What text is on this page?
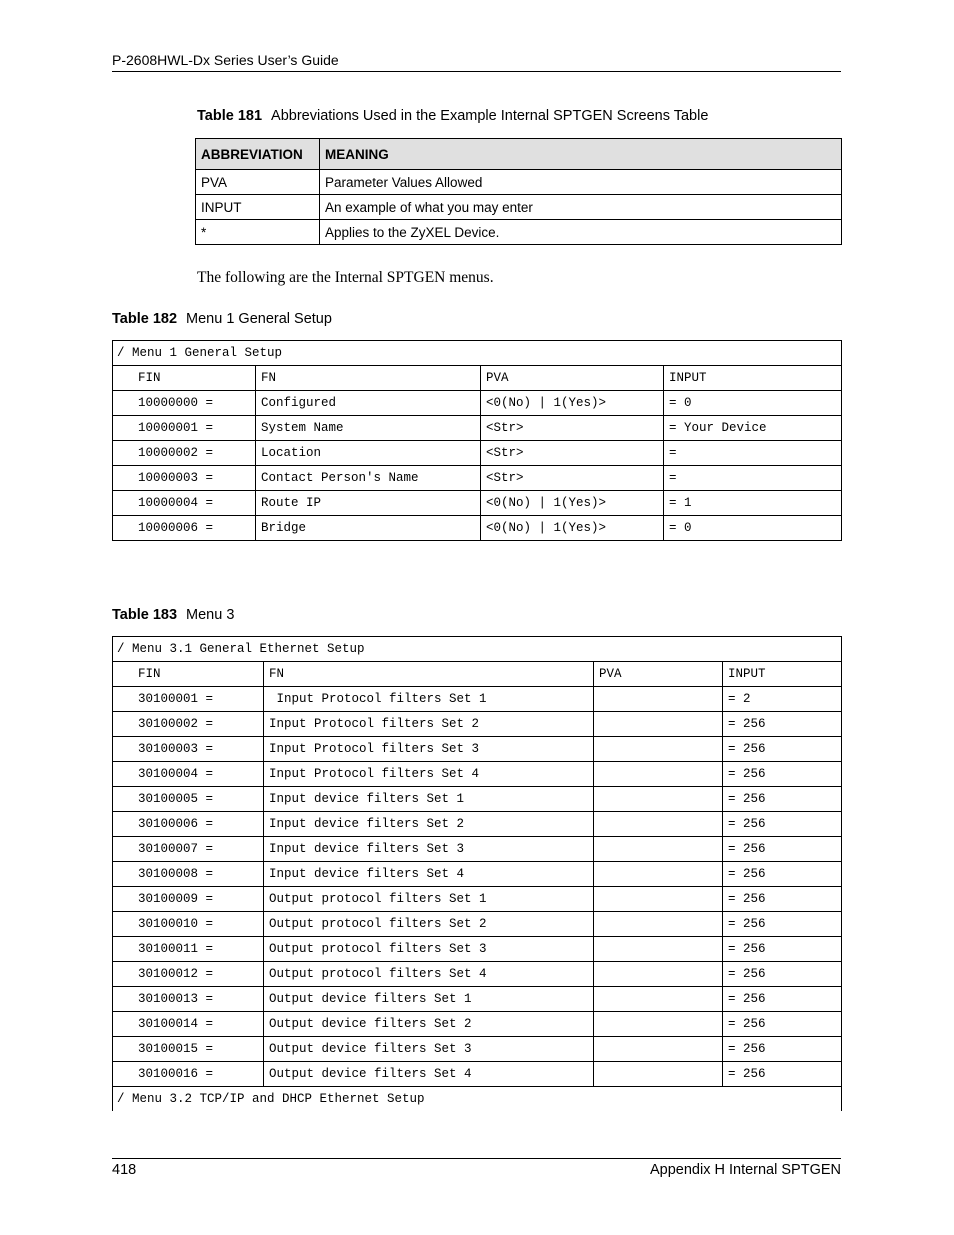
P-2608HWL-Dx Series User’s Guide
Table 181 Abbreviations Used in the Example Internal SPTGEN Screens Table
ABBREVIATION	MEANING
PVA	Parameter Values Allowed
INPUT	An example of what you may enter
*	Applies to the ZyXEL Device.
The following are the Internal SPTGEN menus.
Table 182 Menu 1 General Setup
/ Menu 1 General Setup			
FIN	FN	PVA	INPUT
10000000 =	Configured	<0(No) | 1(Yes)>	= 0
10000001 =	System Name	<Str>	= Your Device
10000002 =	Location	<Str>	=
10000003 =	Contact Person's Name	<Str>	=
10000004 =	Route IP	<0(No) | 1(Yes)>	= 1
10000006 =	Bridge	<0(No) | 1(Yes)>	= 0
Table 183 Menu 3
/ Menu 3.1 General Ethernet Setup			
FIN	FN	PVA	INPUT
30100001 =	Input Protocol filters Set 1		= 2
30100002 =	Input Protocol filters Set 2		= 256
30100003 =	Input Protocol filters Set 3		= 256
30100004 =	Input Protocol filters Set 4		= 256
30100005 =	Input device filters Set 1		= 256
30100006 =	Input device filters Set 2		= 256
30100007 =	Input device filters Set 3		= 256
30100008 =	Input device filters Set 4		= 256
30100009 =	Output protocol filters Set 1		= 256
30100010 =	Output protocol filters Set 2		= 256
30100011 =	Output protocol filters Set 3		= 256
30100012 =	Output protocol filters Set 4		= 256
30100013 =	Output device filters Set 1		= 256
30100014 =	Output device filters Set 2		= 256
30100015 =	Output device filters Set 3		= 256
30100016 =	Output device filters Set 4		= 256
/ Menu 3.2 TCP/IP and DHCP Ethernet Setup			
418	Appendix H Internal SPTGEN
